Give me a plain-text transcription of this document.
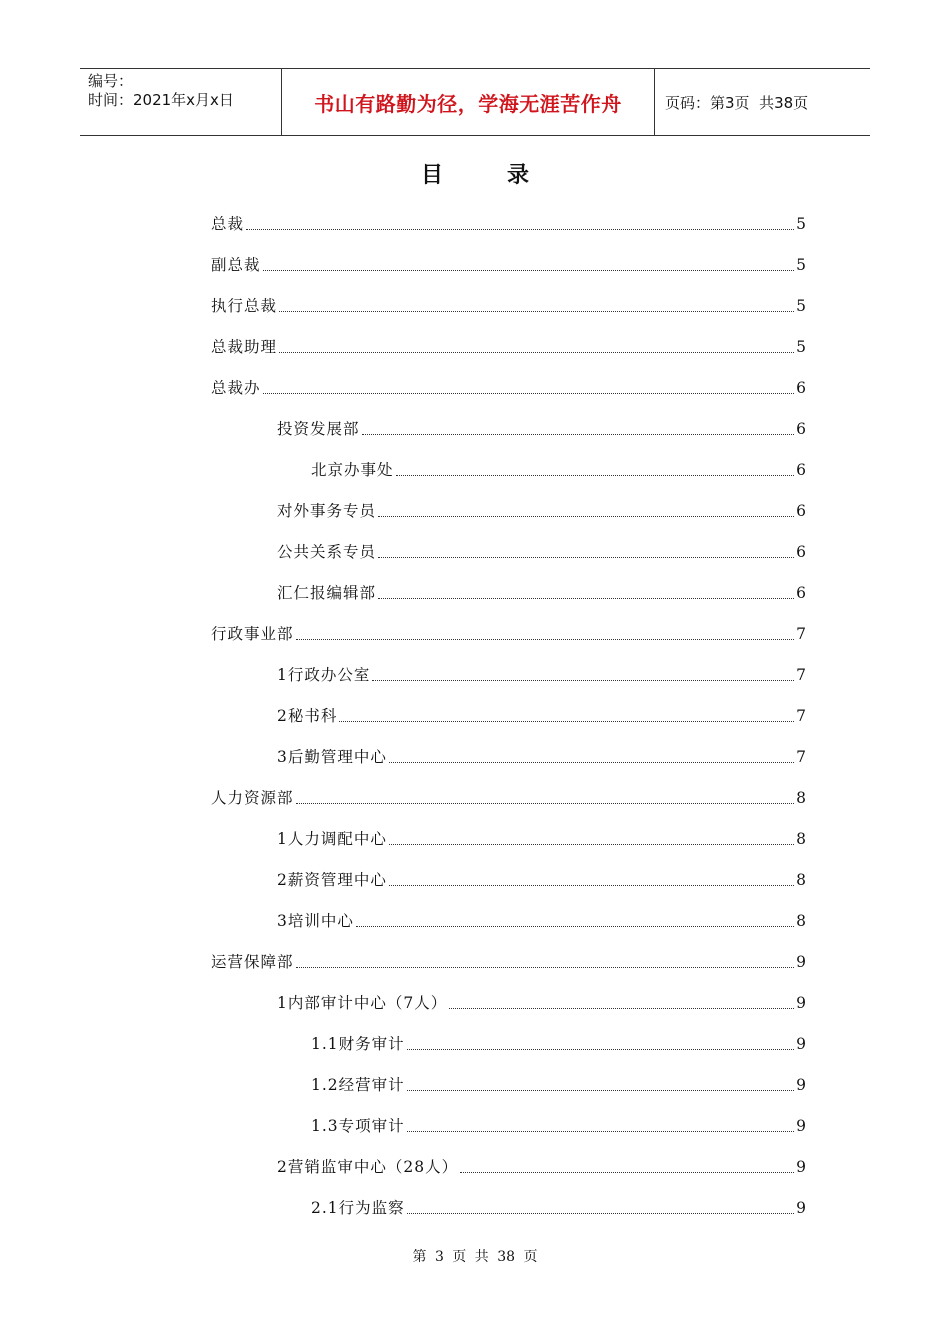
编号：
时间：2021年x月x日	书山有路勤为径，学海无涯苦作舟	页码：第3页  共38页
目	录
总裁	5
副总裁	5
执行总裁	5
总裁助理	5
总裁办	6
投资发展部	6
北京办事处	6
对外事务专员	6
公共关系专员	6
汇仁报编辑部	6
行政事业部	7
1行政办公室	7
2秘书科	7
3后勤管理中心	7
人力资源部	8
1人力调配中心	8
2薪资管理中心	8
3培训中心	8
运营保障部	9
1内部审计中心（7人）	9
1.1财务审计	9
1.2经营审计	9
1.3专项审计	9
2营销监审中心（28人）	9
2.1行为监察	9
第 3 页 共 38 页
